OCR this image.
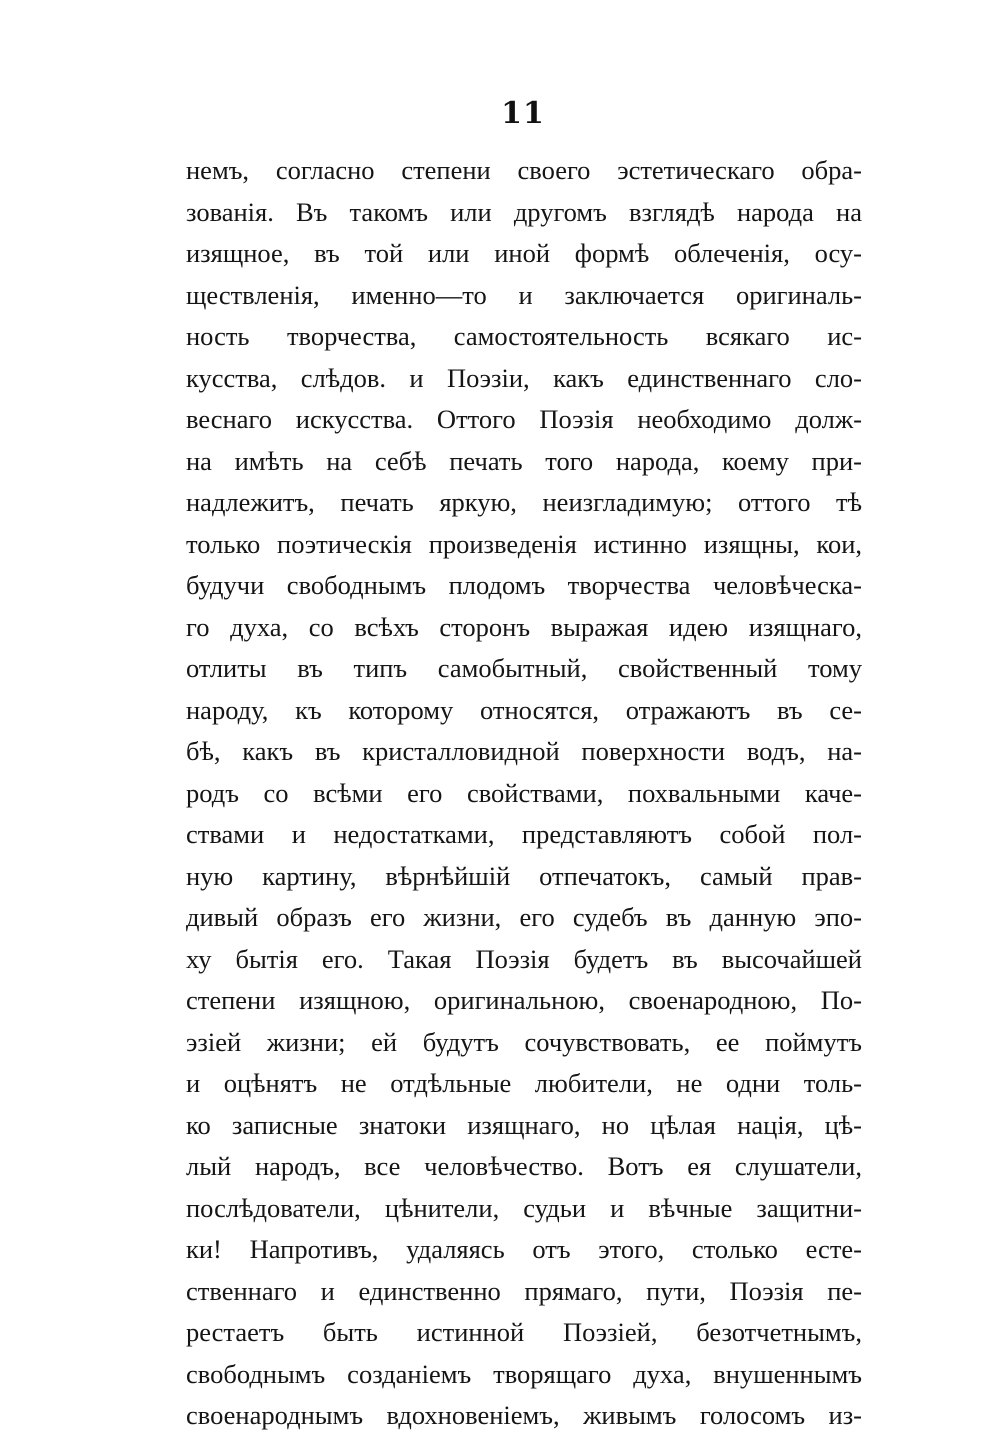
11
немъ, согласно степени своего эстетическаго обра-
зованія. Въ такомъ или другомъ взглядѣ народа на
изящное, въ той или иной формѣ облеченія, осу-
ществленія, именно—то и заключается оригиналь-
ность творчества, самостоятельность всякаго ис-
кусства, слѣдов. и Поэзіи, какъ единственнаго сло-
веснаго искусства. Оттого Поэзія необходимо долж-
на имѣть на себѣ печать того народа, коему при-
надлежитъ, печать яркую, неизгладимую; оттого тѣ
только поэтическія произведенія истинно изящны, кои,
будучи свободнымъ плодомъ творчества человѣческа-
го духа, со всѣхъ сторонъ выражая идею изящнаго,
отлиты въ типъ самобытный, свойственный тому
народу, къ которому относятся, отражаютъ въ се-
бѣ, какъ въ кристалловидной поверхности водъ, на-
родъ со всѣми его свойствами, похвальными каче-
ствами и недостатками, представляютъ собой пол-
ную картину, вѣрнѣйшій отпечатокъ, самый прав-
дивый образъ его жизни, его судебъ въ данную эпо-
ху бытія его. Такая Поэзія будетъ въ высочайшей
степени изящною, оригинальною, своенародною, По-
эзіей жизни; ей будутъ сочувствовать, ее поймутъ
и оцѣнятъ не отдѣльные любители, не одни толь-
ко записные знатоки изящнаго, но цѣлая нація, цѣ-
лый народъ, все человѣчество. Вотъ ея слушатели,
послѣдователи, цѣнители, судьи и вѣчные защитни-
ки! Напротивъ, удаляясь отъ этого, столько есте-
ственнаго и единственно прямаго, пути, Поэзія пе-
рестаетъ быть истинной Поэзіей, безотчетнымъ,
свободнымъ созданіемъ творящаго духа, внушеннымъ
своенароднымъ вдохновеніемъ, живымъ голосомъ из-
